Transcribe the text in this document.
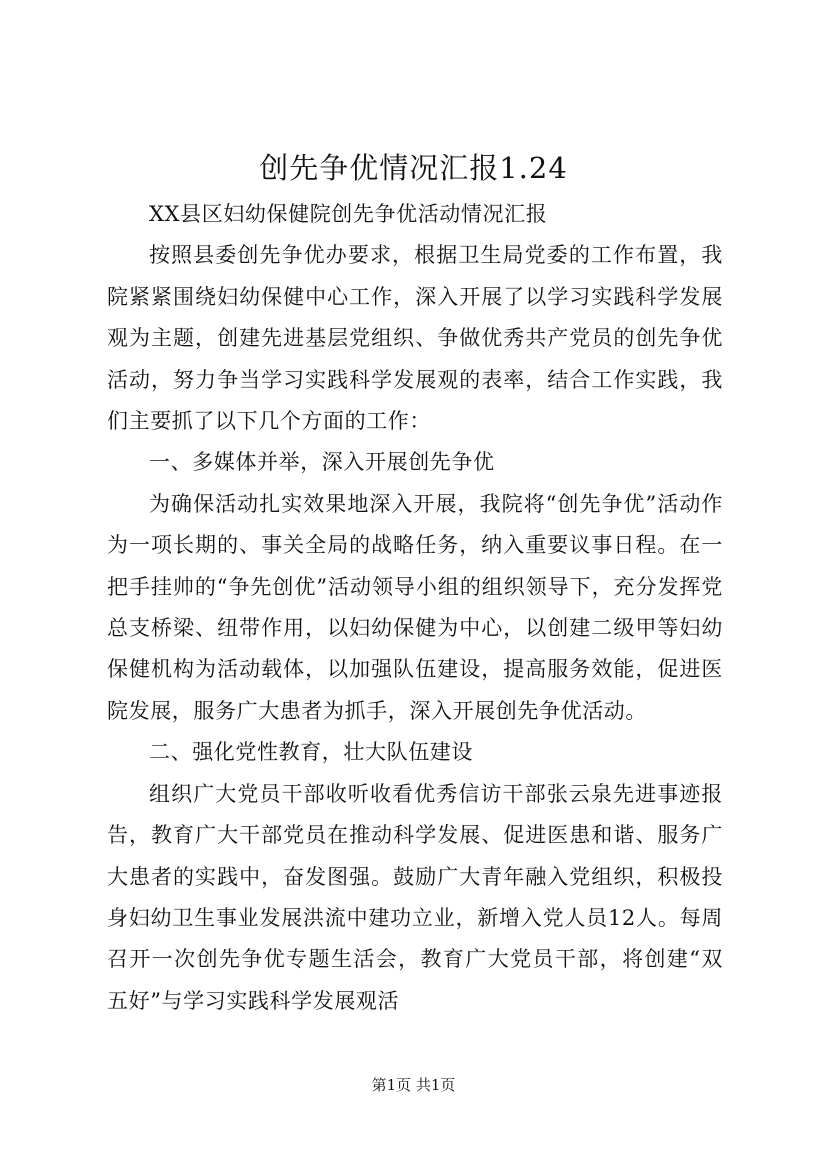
创先争优情况汇报1.24

XX县区妇幼保健院创先争优活动情况汇报

按照县委创先争优办要求，根据卫生局党委的工作布置，我院紧紧围绕妇幼保健中心工作，深入开展了以学习实践科学发展观为主题，创建先进基层党组织、争做优秀共产党员的创先争优活动，努力争当学习实践科学发展观的表率，结合工作实践，我们主要抓了以下几个方面的工作：

一、多媒体并举，深入开展创先争优

为确保活动扎实效果地深入开展，我院将“创先争优”活动作为一项长期的、事关全局的战略任务，纳入重要议事日程。在一把手挂帅的“争先创优”活动领导小组的组织领导下，充分发挥党总支桥梁、纽带作用，以妇幼保健为中心，以创建二级甲等妇幼保健机构为活动载体，以加强队伍建设，提高服务效能，促进医院发展，服务广大患者为抓手，深入开展创先争优活动。

二、强化党性教育，壮大队伍建设

组织广大党员干部收听收看优秀信访干部张云泉先进事迹报告，教育广大干部党员在推动科学发展、促进医患和谐、服务广大患者的实践中，奋发图强。鼓励广大青年融入党组织，积极投身妇幼卫生事业发展洪流中建功立业，新增入党人员12人。每周召开一次创先争优专题生活会，教育广大党员干部，将创建“双五好”与学习实践科学发展观活

第1页 共1页
